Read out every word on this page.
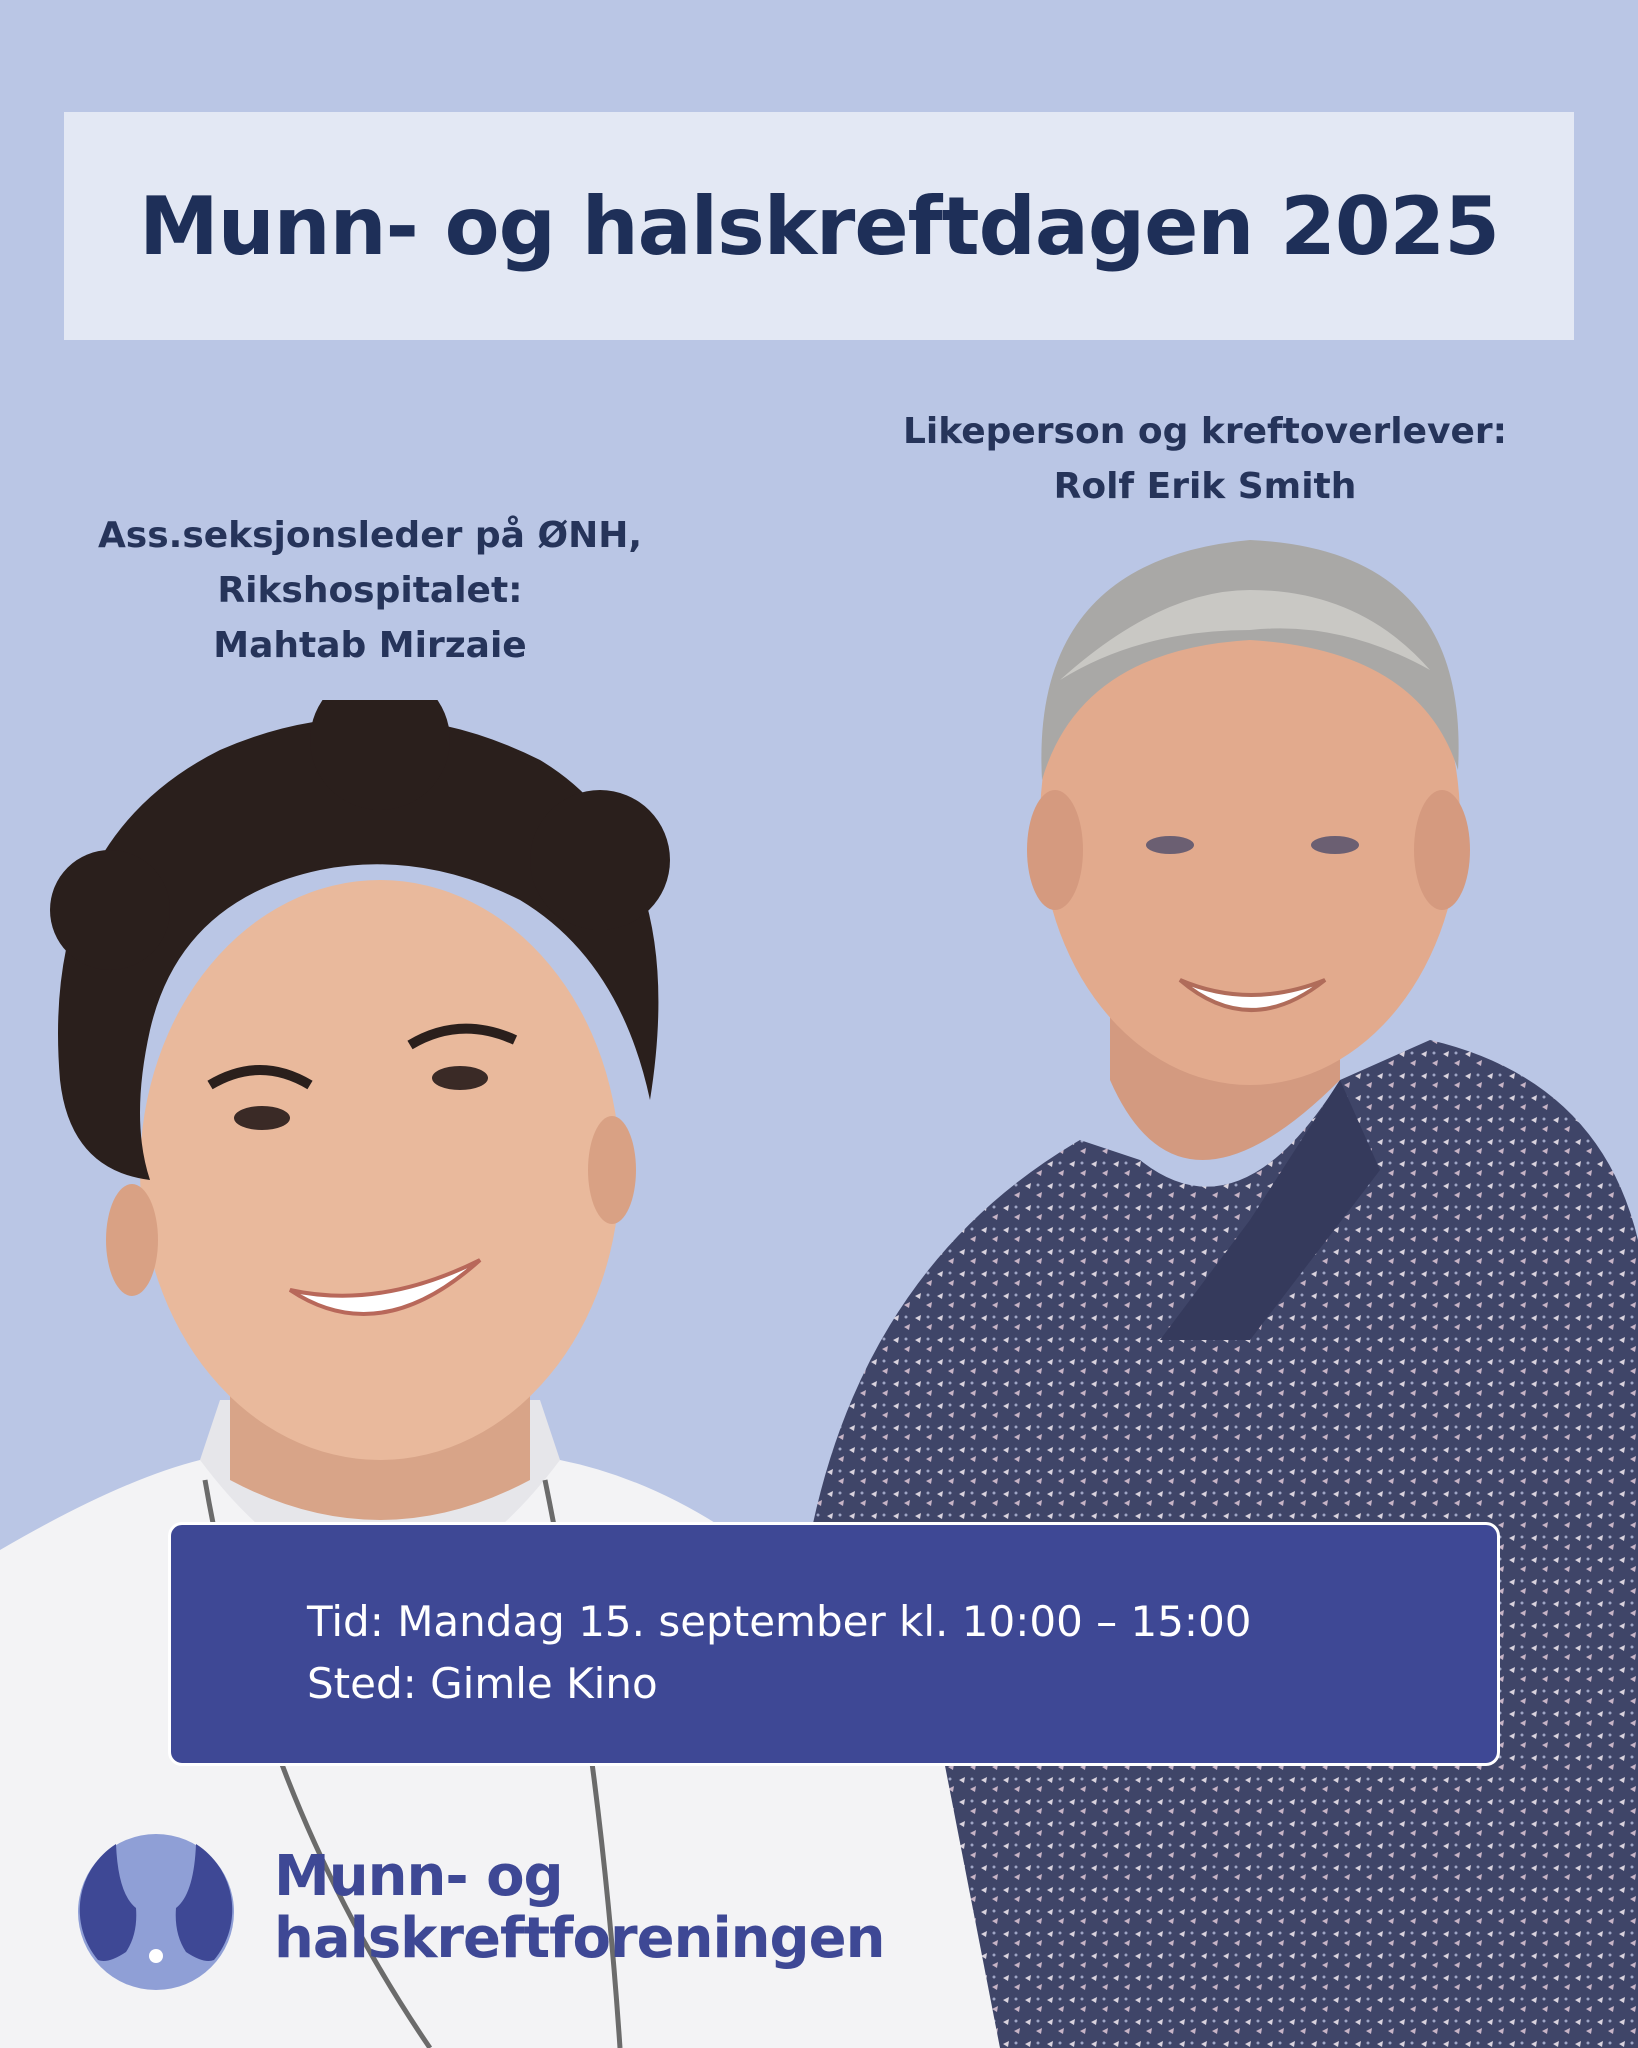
Munn- og halskreftdagen 2025
Ass.seksjonsleder på ØNH,
Rikshospitalet:
Mahtab Mirzaie
Likeperson og kreftoverlever:
Rolf Erik Smith
Tid: Mandag 15. september kl. 10:00 – 15:00
Sted: Gimle Kino
Munn- og
halskreftforeningen
